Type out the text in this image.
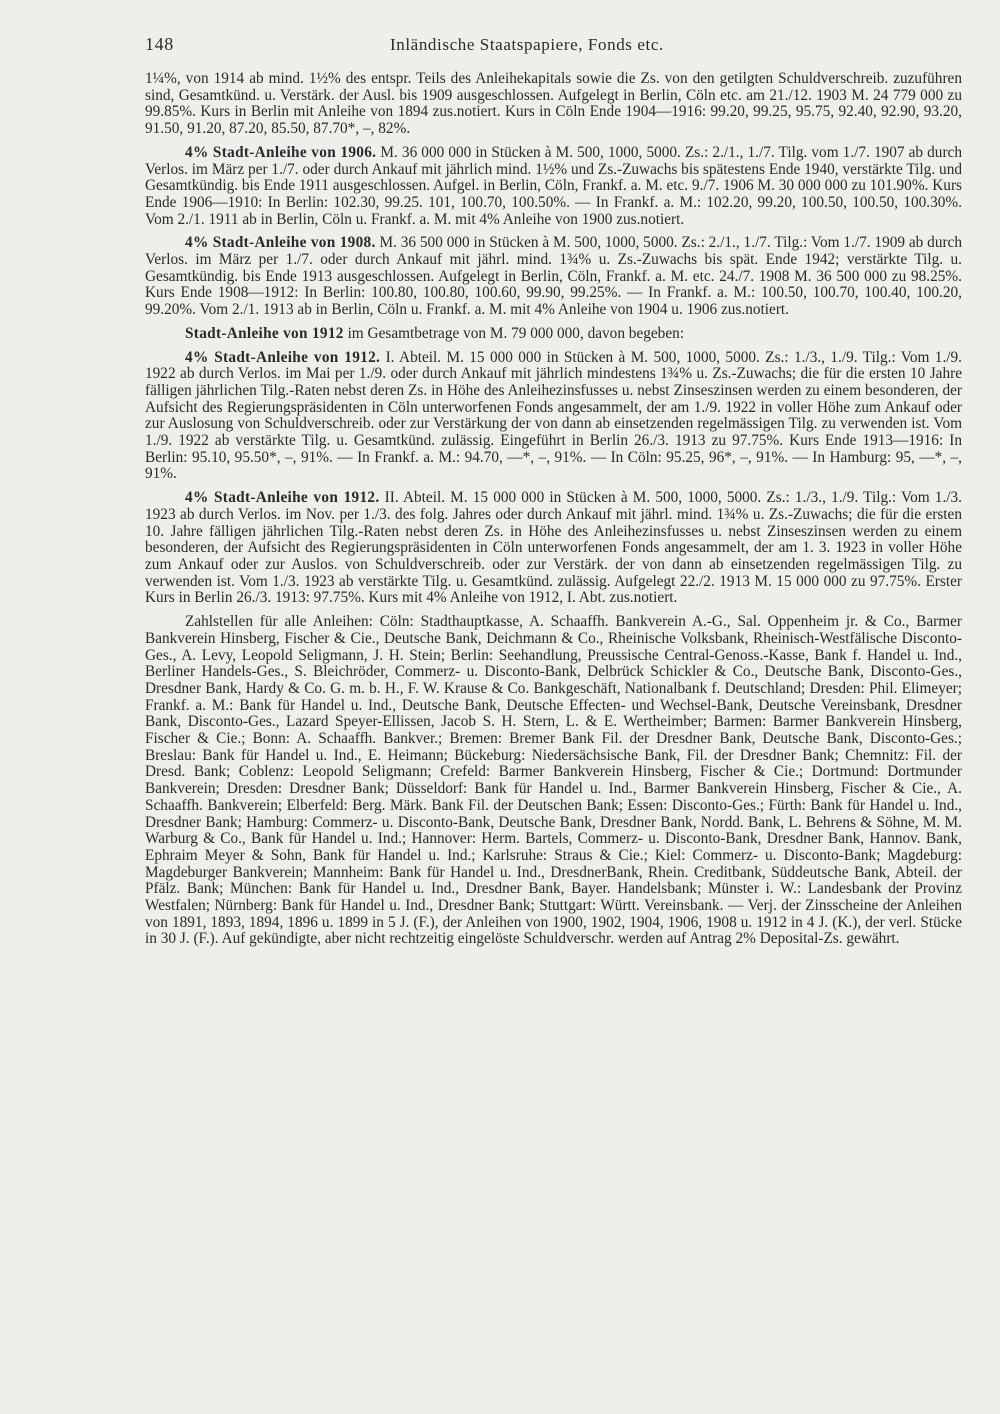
148	Inländische Staatspapiere, Fonds etc.

1¼%, von 1914 ab mind. 1½% des entspr. Teils des Anleihekapitals sowie die Zs. von den getilgten Schuldverschreib. zuzuführen sind, Gesamtkünd. u. Verstärk. der Ausl. bis 1909 ausgeschlossen. Aufgelegt in Berlin, Cöln etc. am 21./12. 1903 M. 24 779 000 zu 99.85%. Kurs in Berlin mit Anleihe von 1894 zus.notiert. Kurs in Cöln Ende 1904—1916: 99.20, 99.25, 95.75, 92.40, 92.90, 93.20, 91.50, 91.20, 87.20, 85.50, 87.70*, –, 82%.

4% Stadt-Anleihe von 1906. M. 36 000 000 in Stücken à M. 500, 1000, 5000. Zs.: 2./1., 1./7. Tilg. vom 1./7. 1907 ab durch Verlos. im März per 1./7. oder durch Ankauf mit jährlich mind. 1½% und Zs.-Zuwachs bis spätestens Ende 1940, verstärkte Tilg. und Gesamtkündig. bis Ende 1911 ausgeschlossen. Aufgel. in Berlin, Cöln, Frankf. a. M. etc. 9./7. 1906 M. 30 000 000 zu 101.90%. Kurs Ende 1906—1910: In Berlin: 102.30, 99.25. 101, 100.70, 100.50%. — In Frankf. a. M.: 102.20, 99.20, 100.50, 100.50, 100.30%. Vom 2./1. 1911 ab in Berlin, Cöln u. Frankf. a. M. mit 4% Anleihe von 1900 zus.notiert.

4% Stadt-Anleihe von 1908. M. 36 500 000 in Stücken à M. 500, 1000, 5000. Zs.: 2./1., 1./7. Tilg.: Vom 1./7. 1909 ab durch Verlos. im März per 1./7. oder durch Ankauf mit jährl. mind. 1¾% u. Zs.-Zuwachs bis spät. Ende 1942; verstärkte Tilg. u. Gesamtkündig. bis Ende 1913 ausgeschlossen. Aufgelegt in Berlin, Cöln, Frankf. a. M. etc. 24./7. 1908 M. 36 500 000 zu 98.25%. Kurs Ende 1908—1912: In Berlin: 100.80, 100.80, 100.60, 99.90, 99.25%. — In Frankf. a. M.: 100.50, 100.70, 100.40, 100.20, 99.20%. Vom 2./1. 1913 ab in Berlin, Cöln u. Frankf. a. M. mit 4% Anleihe von 1904 u. 1906 zus.notiert.

Stadt-Anleihe von 1912 im Gesamtbetrage von M. 79 000 000, davon begeben:

4% Stadt-Anleihe von 1912. I. Abteil. M. 15 000 000 in Stücken à M. 500, 1000, 5000. Zs.: 1./3., 1./9. Tilg.: Vom 1./9. 1922 ab durch Verlos. im Mai per 1./9. oder durch Ankauf mit jährlich mindestens 1¾% u. Zs.-Zuwachs; die für die ersten 10 Jahre fälligen jährlichen Tilg.-Raten nebst deren Zs. in Höhe des Anleihezinsfusses u. nebst Zinseszinsen werden zu einem besonderen, der Aufsicht des Regierungspräsidenten in Cöln unterworfenen Fonds angesammelt, der am 1./9. 1922 in voller Höhe zum Ankauf oder zur Auslosung von Schuldverschreib. oder zur Verstärkung der von dann ab einsetzenden regelmässigen Tilg. zu verwenden ist. Vom 1./9. 1922 ab verstärkte Tilg. u. Gesamtkünd. zulässig. Eingeführt in Berlin 26./3. 1913 zu 97.75%. Kurs Ende 1913—1916: In Berlin: 95.10, 95.50*, –, 91%. — In Frankf. a. M.: 94.70, —*, –, 91%. — In Cöln: 95.25, 96*, –, 91%. — In Hamburg: 95, —*, –, 91%.

4% Stadt-Anleihe von 1912. II. Abteil. M. 15 000 000 in Stücken à M. 500, 1000, 5000. Zs.: 1./3., 1./9. Tilg.: Vom 1./3. 1923 ab durch Verlos. im Nov. per 1./3. des folg. Jahres oder durch Ankauf mit jährl. mind. 1¾% u. Zs.-Zuwachs; die für die ersten 10. Jahre fälligen jährlichen Tilg.-Raten nebst deren Zs. in Höhe des Anleihezinsfusses u. nebst Zinseszinsen werden zu einem besonderen, der Aufsicht des Regierungspräsidenten in Cöln unterworfenen Fonds angesammelt, der am 1. 3. 1923 in voller Höhe zum Ankauf oder zur Auslos. von Schuldverschreib. oder zur Verstärk. der von dann ab einsetzenden regelmässigen Tilg. zu verwenden ist. Vom 1./3. 1923 ab verstärkte Tilg. u. Gesamtkünd. zulässig. Aufgelegt 22./2. 1913 M. 15 000 000 zu 97.75%. Erster Kurs in Berlin 26./3. 1913: 97.75%. Kurs mit 4% Anleihe von 1912, I. Abt. zus.notiert.

Zahlstellen für alle Anleihen: Cöln: Stadthauptkasse, A. Schaaffh. Bankverein A.-G., Sal. Oppenheim jr. & Co., Barmer Bankverein Hinsberg, Fischer & Cie., Deutsche Bank, Deichmann & Co., Rheinische Volksbank, Rheinisch-Westfälische Disconto-Ges., A. Levy, Leopold Seligmann, J. H. Stein; Berlin: Seehandlung, Preussische Central-Genoss.-Kasse, Bank f. Handel u. Ind., Berliner Handels-Ges., S. Bleichröder, Commerz- u. Disconto-Bank, Delbrück Schickler & Co., Deutsche Bank, Disconto-Ges., Dresdner Bank, Hardy & Co. G. m. b. H., F. W. Krause & Co. Bankgeschäft, Nationalbank f. Deutschland; Dresden: Phil. Elimeyer; Frankf. a. M.: Bank für Handel u. Ind., Deutsche Bank, Deutsche Effecten- und Wechsel-Bank, Deutsche Vereinsbank, Dresdner Bank, Disconto-Ges., Lazard Speyer-Ellissen, Jacob S. H. Stern, L. & E. Wertheimber; Barmen: Barmer Bankverein Hinsberg, Fischer & Cie.; Bonn: A. Schaaffh. Bankver.; Bremen: Bremer Bank Fil. der Dresdner Bank, Deutsche Bank, Disconto-Ges.; Breslau: Bank für Handel u. Ind., E. Heimann; Bückeburg: Niedersächsische Bank, Fil. der Dresdner Bank; Chemnitz: Fil. der Dresd. Bank; Coblenz: Leopold Seligmann; Crefeld: Barmer Bankverein Hinsberg, Fischer & Cie.; Dortmund: Dortmunder Bankverein; Dresden: Dresdner Bank; Düsseldorf: Bank für Handel u. Ind., Barmer Bankverein Hinsberg, Fischer & Cie., A. Schaaffh. Bankverein; Elberfeld: Berg. Märk. Bank Fil. der Deutschen Bank; Essen: Disconto-Ges.; Fürth: Bank für Handel u. Ind., Dresdner Bank; Hamburg: Commerz- u. Disconto-Bank, Deutsche Bank, Dresdner Bank, Nordd. Bank, L. Behrens & Söhne, M. M. Warburg & Co., Bank für Handel u. Ind.; Hannover: Herm. Bartels, Commerz- u. Disconto-Bank, Dresdner Bank, Hannov. Bank, Ephraim Meyer & Sohn, Bank für Handel u. Ind.; Karlsruhe: Straus & Cie.; Kiel: Commerz- u. Disconto-Bank; Magdeburg: Magdeburger Bankverein; Mannheim: Bank für Handel u. Ind., DresdnerBank, Rhein. Creditbank, Süddeutsche Bank, Abteil. der Pfälz. Bank; München: Bank für Handel u. Ind., Dresdner Bank, Bayer. Handelsbank; Münster i. W.: Landesbank der Provinz Westfalen; Nürnberg: Bank für Handel u. Ind., Dresdner Bank; Stuttgart: Württ. Vereinsbank. — Verj. der Zinsscheine der Anleihen von 1891, 1893, 1894, 1896 u. 1899 in 5 J. (F.), der Anleihen von 1900, 1902, 1904, 1906, 1908 u. 1912 in 4 J. (K.), der verl. Stücke in 30 J. (F.). Auf gekündigte, aber nicht rechtzeitig eingelöste Schuldverschr. werden auf Antrag 2% Deposital-Zs. gewährt.
